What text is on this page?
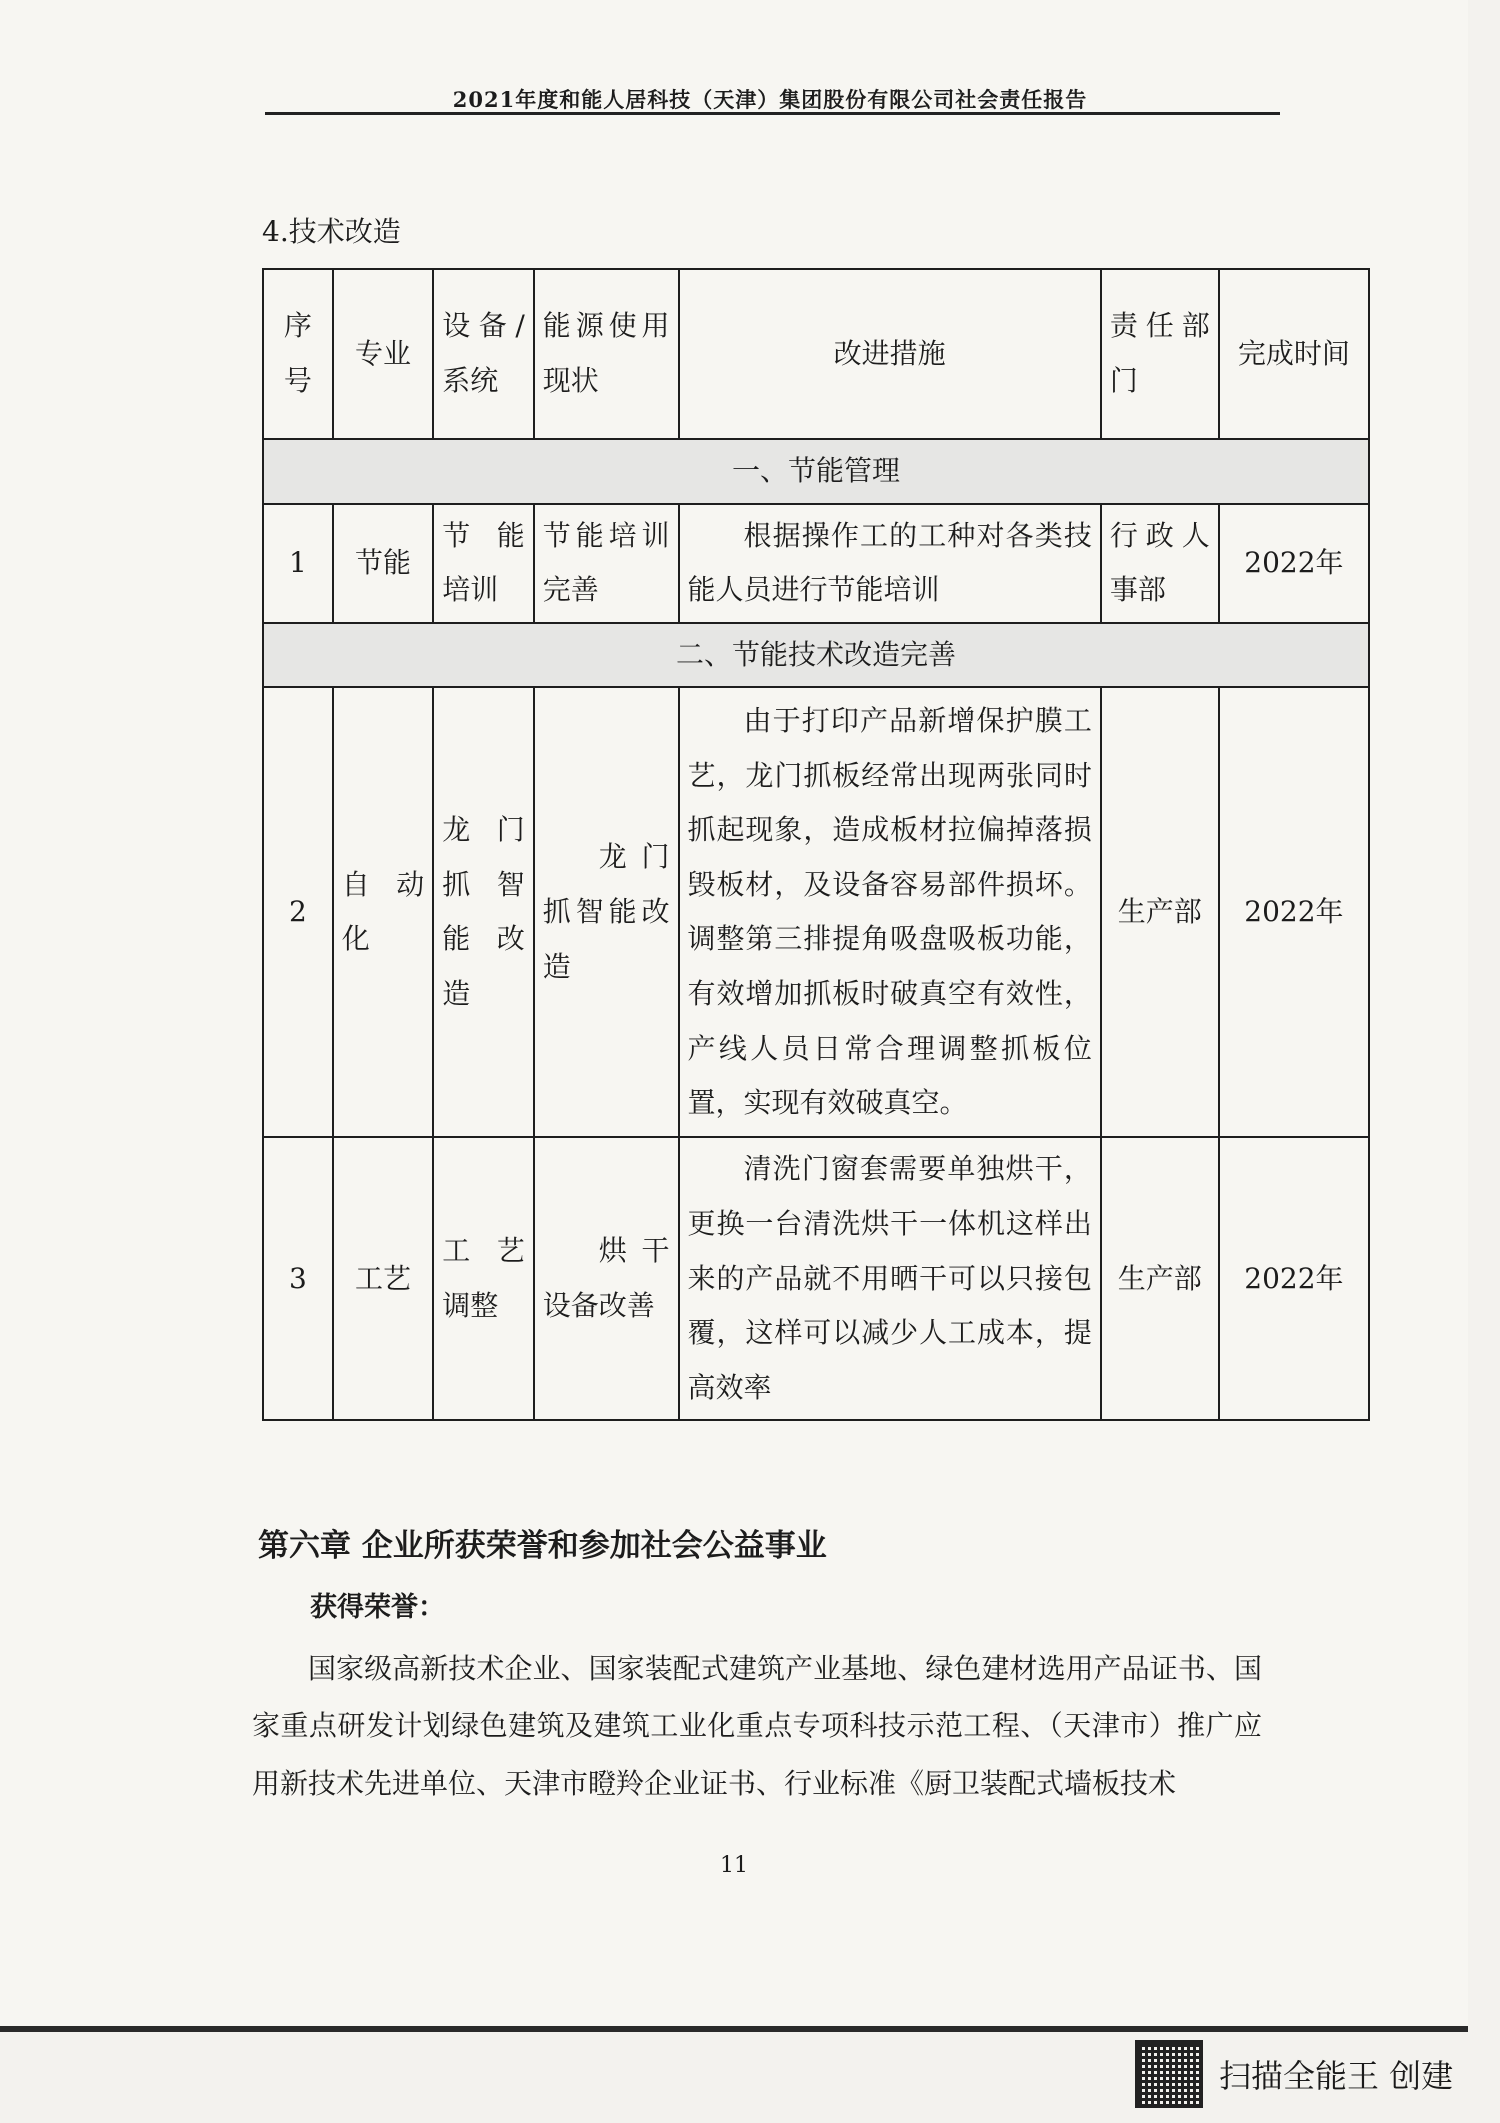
2021年度和能人居科技（天津）集团股份有限公司社会责任报告
4.技术改造
序号	专业	设备/系统	能源使用现状	改进措施	责任部门	完成时间
一、节能管理						
1	节能	节能培训	节能培训完善	根据操作工的工种对各类技能人员进行节能培训	行政人事部	2022年
二、节能技术改造完善						
2	自动化	龙门抓智能改造	龙门抓智能改造	由于打印产品新增保护膜工艺，龙门抓板经常出现两张同时抓起现象，造成板材拉偏掉落损毁板材，及设备容易部件损坏。调整第三排提角吸盘吸板功能，有效增加抓板时破真空有效性，产线人员日常合理调整抓板位置，实现有效破真空。	生产部	2022年
3	工艺	工艺调整	烘干设备改善	清洗门窗套需要单独烘干，更换一台清洗烘干一体机这样出来的产品就不用晒干可以只接包覆，这样可以减少人工成本，提高效率	生产部	2022年
第六章 企业所获荣誉和参加社会公益事业
获得荣誉：
国家级高新技术企业、国家装配式建筑产业基地、绿色建材选用产品证书、国家重点研发计划绿色建筑及建筑工业化重点专项科技示范工程、（天津市）推广应用新技术先进单位、天津市瞪羚企业证书、行业标准《厨卫装配式墙板技术
11
扫描全能王 创建
